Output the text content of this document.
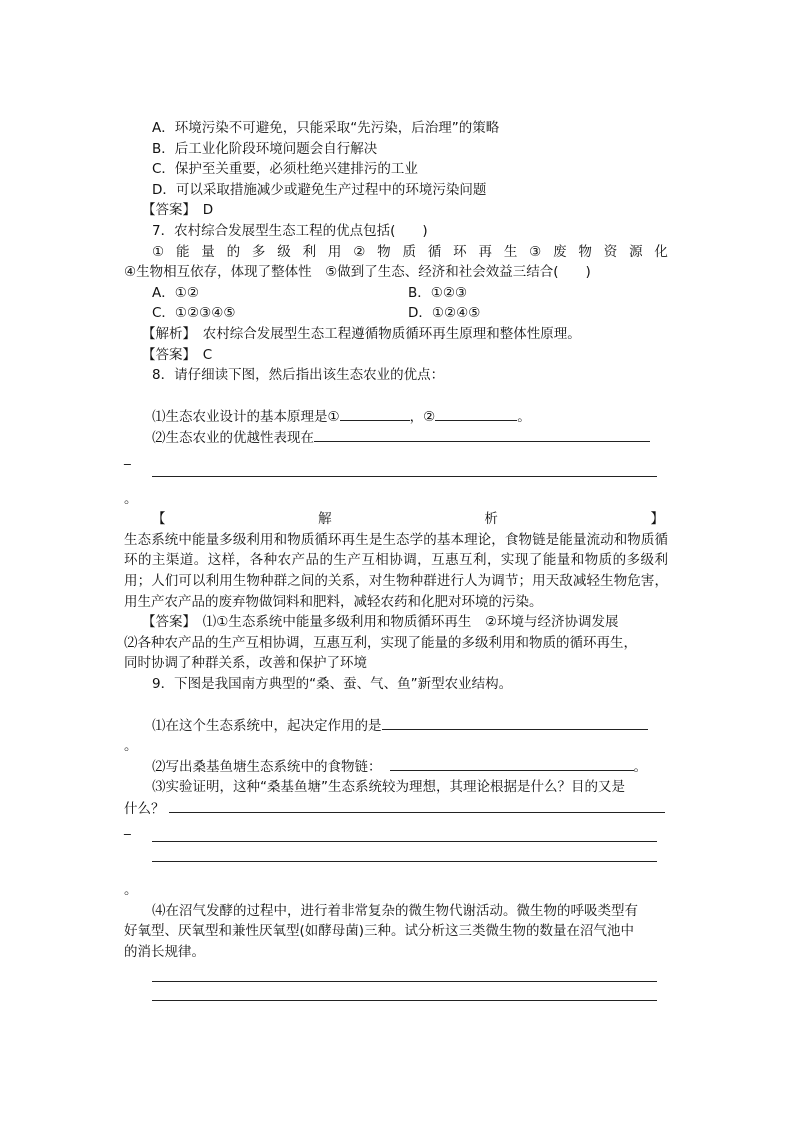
A．环境污染不可避免，只能采取“先污染，后治理”的策略
B．后工业化阶段环境问题会自行解决
C．保护至关重要，必须杜绝兴建排污的工业
D．可以采取措施减少或避免生产过程中的环境污染问题
【答案】　D
7．农村综合发展型生态工程的优点包括(　　)
① 能 量 的 多 级 利 用 ② 物 质 循 环 再 生 ③ 废 物 资 源 化
④生物相互依存，体现了整体性　⑤做到了生态、经济和社会效益三结合(　　)
A．①②	B．①②③
C．①②③④⑤	D．①②④⑤
【解析】　农村综合发展型生态工程遵循物质循环再生原理和整体性原理。
【答案】　C
8．请仔细读下图，然后指出该生态农业的优点：
⑴生态农业设计的基本原理是①	，②	。
⑵生态农业的优越性表现在
_
。
【	解	析	】
生态系统中能量多级利用和物质循环再生是生态学的基本理论，食物链是能量流动和物质循环的主渠道。这样，各种农产品的生产互相协调，互惠互利，实现了能量和物质的多级利用；人们可以利用生物种群之间的关系，对生物种群进行人为调节；用天敌减轻生物危害，用生产农产品的废弃物做饲料和肥料，减轻农药和化肥对环境的污染。
【答案】　⑴①生态系统中能量多级利用和物质循环再生　②环境与经济协调发展
⑵各种农产品的生产互相协调，互惠互利，实现了能量的多级利用和物质的循环再生，
同时协调了种群关系，改善和保护了环境
9．下图是我国南方典型的“桑、蚕、气、鱼”新型农业结构。
⑴在这个生态系统中，起决定作用的是
。
⑵写出桑基鱼塘生态系统中的食物链：	。
⑶实验证明，这种“桑基鱼塘”生态系统较为理想，其理论根据是什么？目的又是
什么？
_
。
⑷在沼气发酵的过程中，进行着非常复杂的微生物代谢活动。微生物的呼吸类型有
好氧型、厌氧型和兼性厌氧型(如酵母菌)三种。试分析这三类微生物的数量在沼气池中
的消长规律。
